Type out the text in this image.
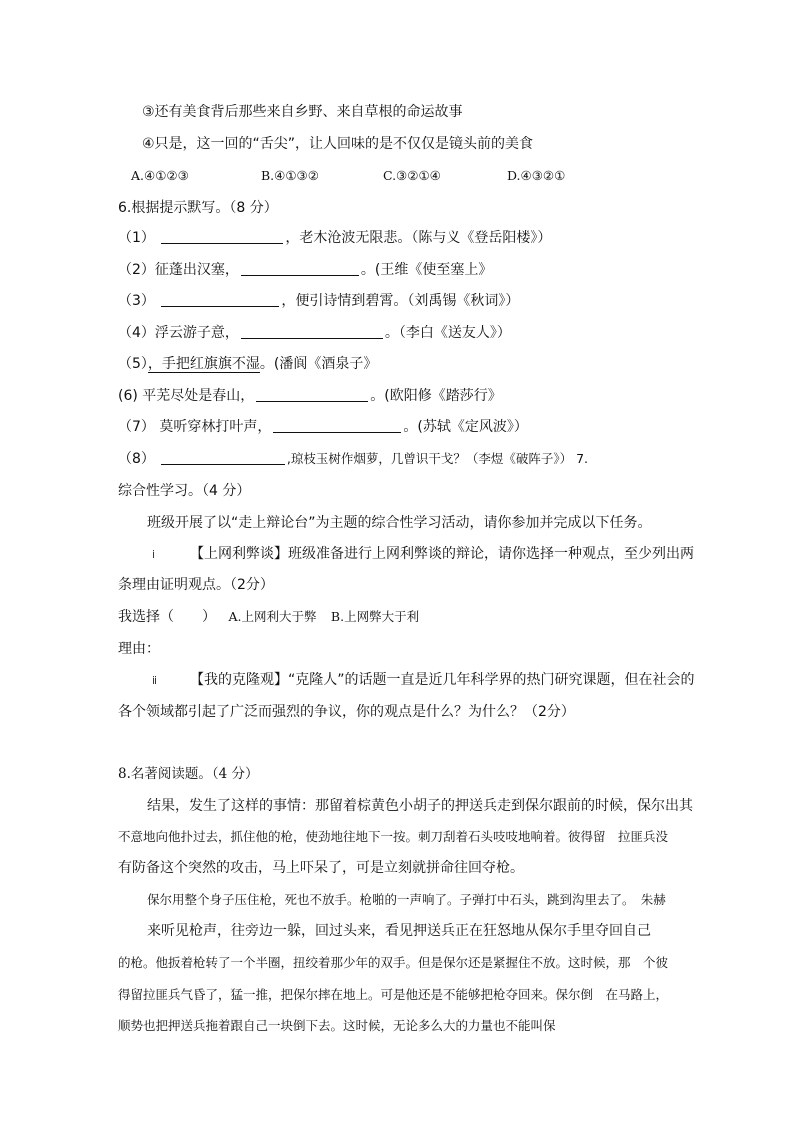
③还有美食背后那些来自乡野、来自草根的命运故事
④只是，这一回的“舌尖”，让人回味的是不仅仅是镜头前的美食
A.④①②③	B.④①③②	C.③②①④	D.④③②①
6.根据提示默写。（8 分）
（1）	，老木沧波无限悲。（陈与义《登岳阳楼》）
（2）征蓬出汉塞，	。(王维《使至塞上》
（3）	，便引诗情到碧霄。（刘禹锡《秋词》）
（4）浮云游子意，	。（李白《送友人》）
（5），手把红旗旗不湿。(潘阆《酒泉子》
(6) 平芜尽处是春山，	。(欧阳修《踏莎行》
（7） 莫听穿林打叶声，	。(苏轼《定风波》）
（8）	,琼枝玉树作烟萝，几曾识干戈？（李煜《破阵子》） 7.
综合性学习。（4 分）
班级开展了以“走上辩论台”为主题的综合性学习活动，请你参加并完成以下任务。
ⅰ 【上网利弊谈】班级准备进行上网利弊谈的辩论，请你选择一种观点，至少列出两
条理由证明观点。（2分）
我选择（　　） A.上网利大于弊 B.上网弊大于利
理由：
ⅱ 【我的克隆观】“克隆人”的话题一直是近几年科学界的热门研究课题，但在社会的
各个领域都引起了广泛而强烈的争议，你的观点是什么？为什么？（2分）
8.名著阅读题。（4 分）
结果，发生了这样的事情：那留着棕黄色小胡子的押送兵走到保尔跟前的时候，保尔出其
不意地向他扑过去，抓住他的枪，使劲地往地下一按。刺刀刮着石头吱吱地响着。彼得留　拉匪兵没
有防备这个突然的攻击，马上吓呆了，可是立刻就拼命往回夺枪。
保尔用整个身子压住枪，死也不放手。枪啪的一声响了。子弹打中石头，跳到沟里去了。　朱赫
来听见枪声，往旁边一躲，回过头来，看见押送兵正在狂怒地从保尔手里夺回自己
的枪。他扳着枪转了一个半圈，扭绞着那少年的双手。但是保尔还是紧握住不放。这时候，那　个彼
得留拉匪兵气昏了，猛一推，把保尔摔在地上。可是他还是不能够把枪夺回来。保尔倒　在马路上，
顺势也把押送兵拖着跟自己一块倒下去。这时候，无论多么大的力量也不能叫保
